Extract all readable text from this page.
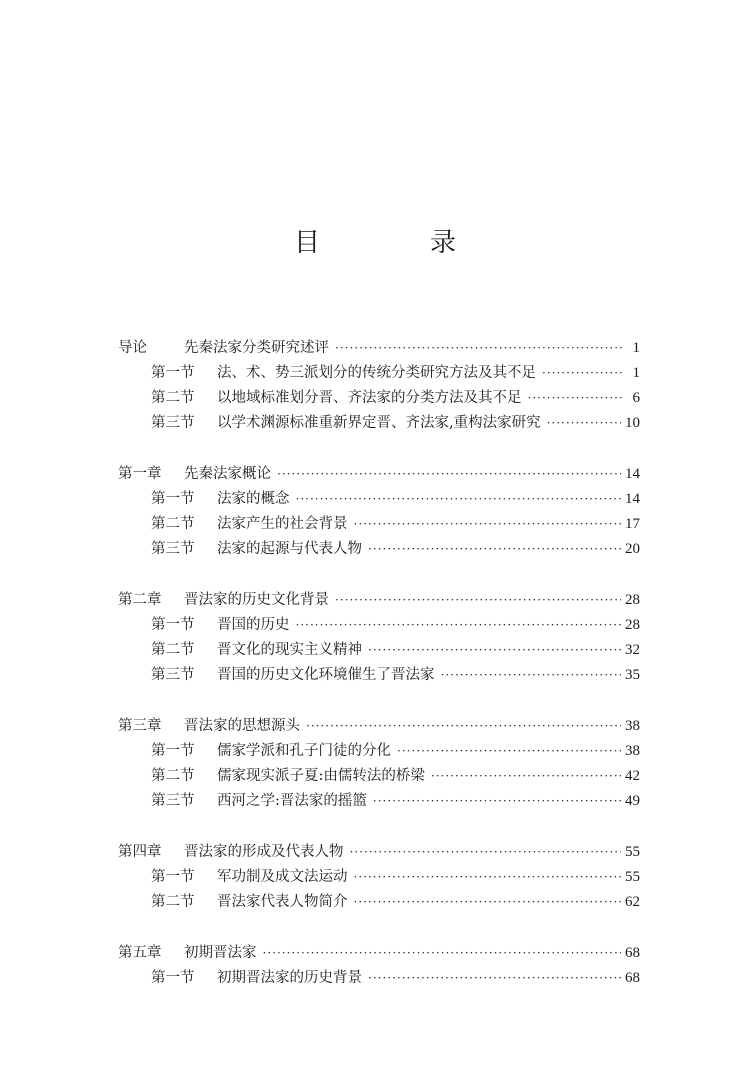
目　录
导论	先秦法家分类研究述评 ·····	1
第一节	法、术、势三派划分的传统分类研究方法及其不足 ·····	1
第二节	以地域标准划分晋、齐法家的分类方法及其不足 ·····	6
第三节	以学术渊源标准重新界定晋、齐法家,重构法家研究 ·····	10
第一章	先秦法家概论 ·····	14
第一节	法家的概念 ·····	14
第二节	法家产生的社会背景 ·····	17
第三节	法家的起源与代表人物 ·····	20
第二章	晋法家的历史文化背景 ·····	28
第一节	晋国的历史 ·····	28
第二节	晋文化的现实主义精神 ·····	32
第三节	晋国的历史文化环境催生了晋法家 ·····	35
第三章	晋法家的思想源头 ·····	38
第一节	儒家学派和孔子门徒的分化 ·····	38
第二节	儒家现实派子夏:由儒转法的桥梁 ·····	42
第三节	西河之学:晋法家的摇篮 ·····	49
第四章	晋法家的形成及代表人物 ·····	55
第一节	军功制及成文法运动 ·····	55
第二节	晋法家代表人物简介 ·····	62
第五章	初期晋法家 ·····	68
第一节	初期晋法家的历史背景 ·····	68
